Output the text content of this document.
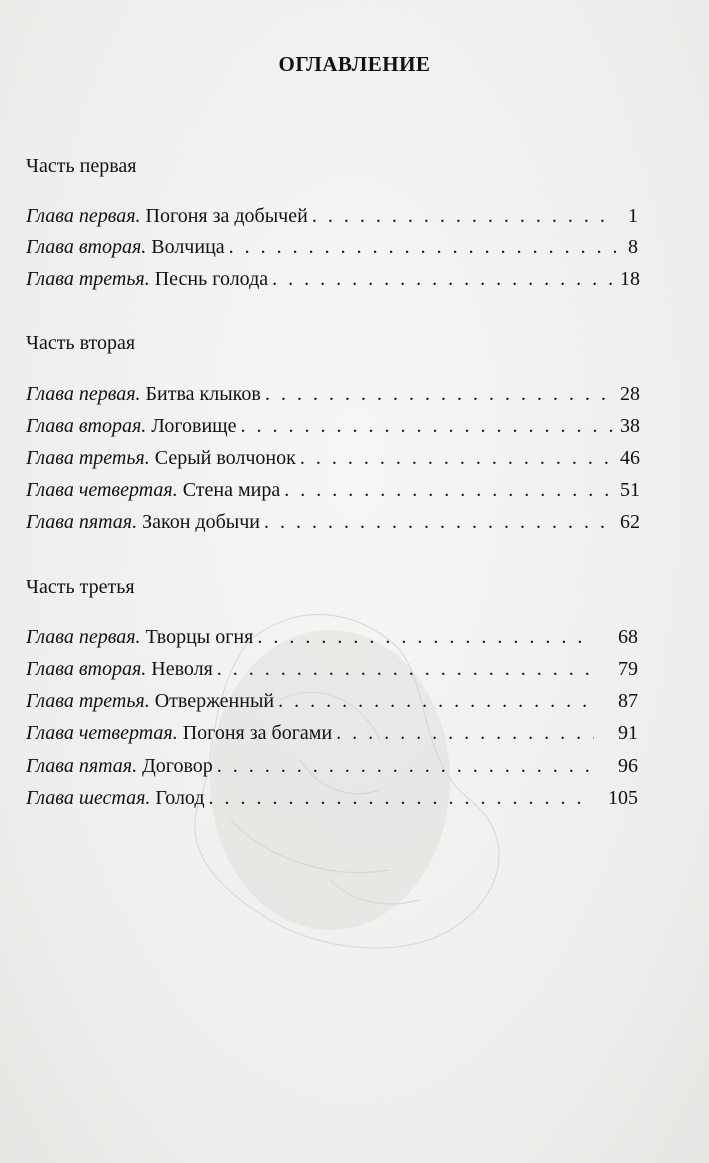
ОГЛАВЛЕНИЕ
Часть первая
Глава первая. Погоня за добычей . . .	1
Глава вторая. Волчица . . .	8
Глава третья. Песнь голода . . .	18
Часть вторая
Глава первая. Битва клыков . . .	28
Глава вторая. Логовище . . .	38
Глава третья. Серый волчонок . . .	46
Глава четвертая. Стена мира . . .	51
Глава пятая. Закон добычи . . .	62
Часть третья
Глава первая. Творцы огня . . .	68
Глава вторая. Неволя . . .	79
Глава третья. Отверженный . . .	87
Глава четвертая. Погоня за богами . . .	91
Глава пятая. Договор . . .	96
Глава шестая. Голод . . .	105
